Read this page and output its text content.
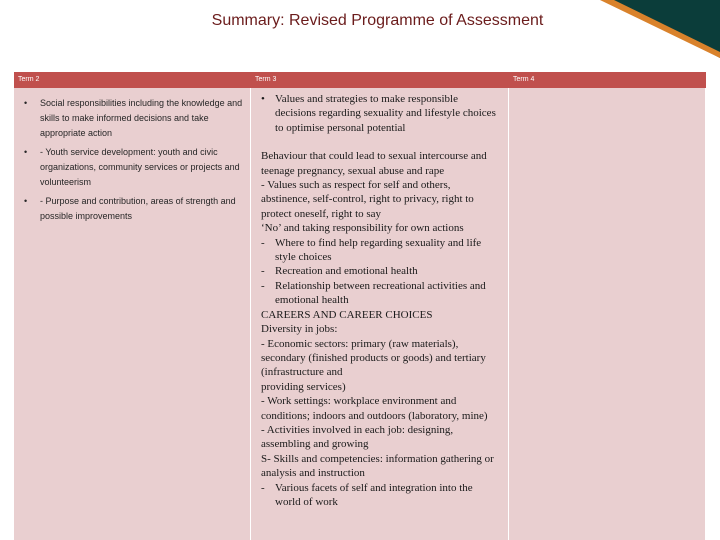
Summary: Revised Programme of Assessment
Term 2	Term 3	Term 4
• Social responsibilities including the knowledge and skills to make informed decisions and take appropriate action
• - Youth service development: youth and civic organizations, community services or projects and volunteerism
• - Purpose and contribution, areas of strength and possible improvements
• Values and strategies to make responsible decisions regarding sexuality and lifestyle choices to optimise personal potential
Behaviour that could lead to sexual intercourse and teenage pregnancy, sexual abuse and rape
- Values such as respect for self and others, abstinence, self-control, right to privacy, right to protect oneself, right to say
‘No’ and taking responsibility for own actions
- Where to find help regarding sexuality and life style choices
- Recreation and emotional health
- Relationship between recreational activities and emotional health
CAREERS AND CAREER CHOICES
Diversity in jobs:
- Economic sectors: primary (raw materials), secondary (finished products or goods) and tertiary (infrastructure and
providing services)
- Work settings: workplace environment and conditions; indoors and outdoors (laboratory, mine)
- Activities involved in each job: designing, assembling and growing
S- Skills and competencies: information gathering or analysis and instruction
- Various facets of self and integration into the world of work
